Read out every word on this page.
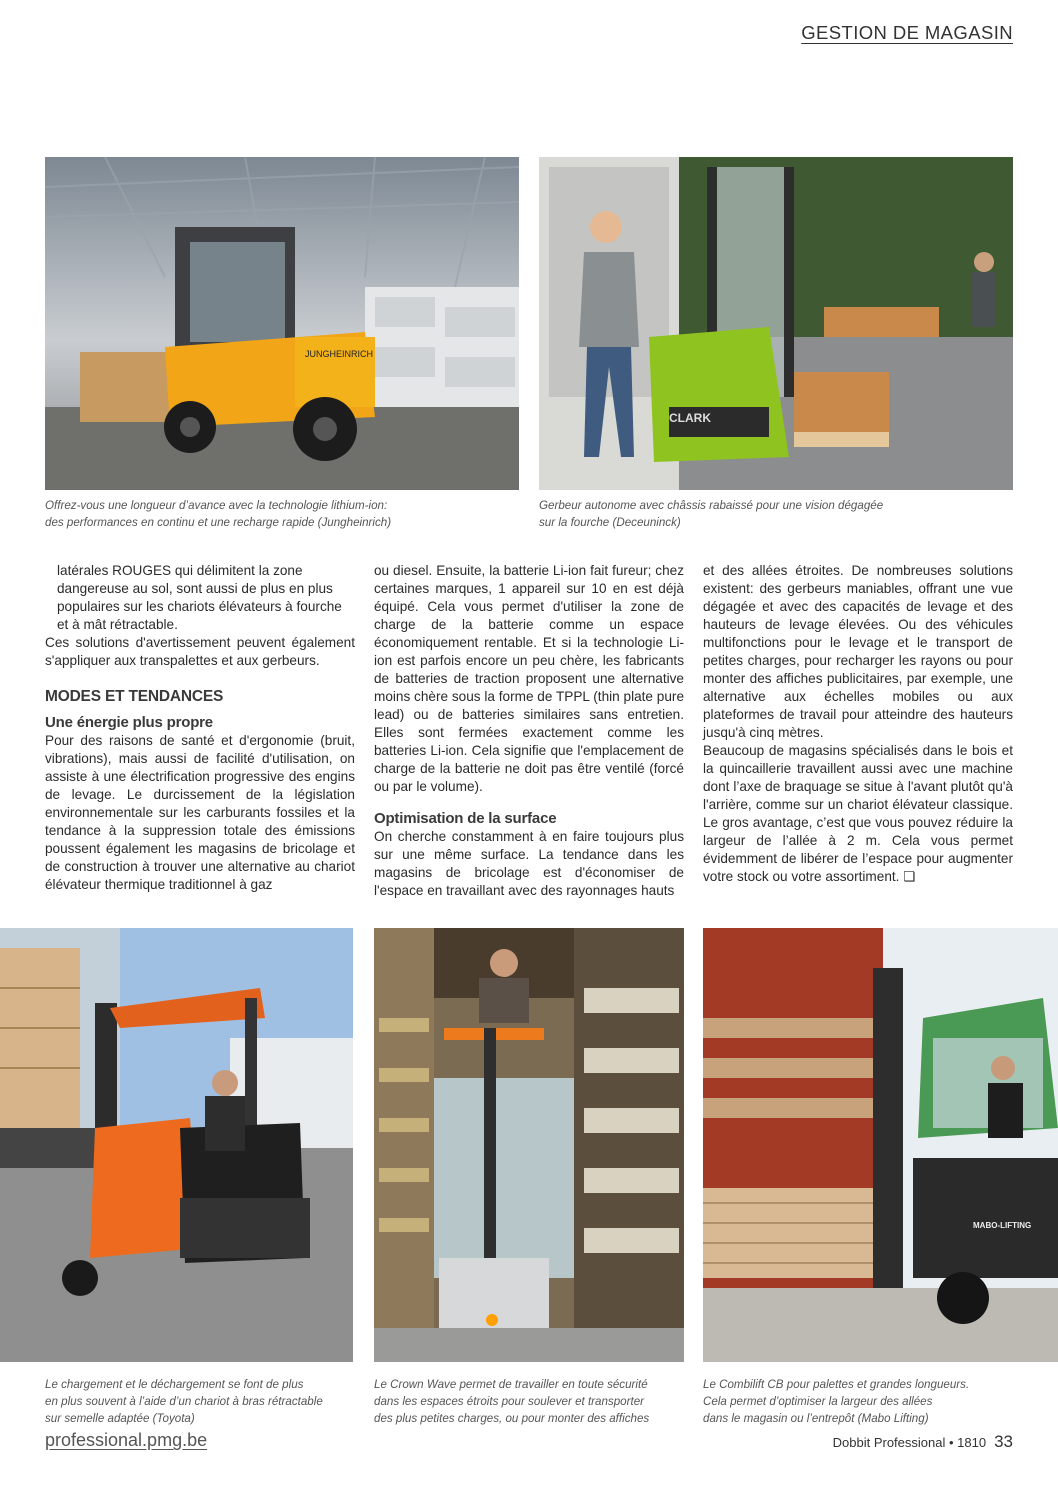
GESTION DE MAGASIN
JUNGHEINRICH
Offrez-vous une longueur d’avance avec la technologie lithium-ion:
des performances en continu et une recharge rapide (Jungheinrich)
CLARK
Gerbeur autonome avec châssis rabaissé pour une vision dégagée
sur la fourche (Deceuninck)

latérales ROUGES qui délimitent la zone dangereuse au sol, sont aussi de plus en plus populaires sur les chariots élévateurs à fourche et à mât rétractable.

Ces solutions d'avertissement peuvent également s'appliquer aux transpalettes et aux gerbeurs.

MODES ET TENDANCES
Une énergie plus propre

Pour des raisons de santé et d'ergonomie (bruit, vibrations), mais aussi de facilité d'utilisation, on assiste à une électrification progressive des engins de levage. Le durcissement de la législation environnementale sur les carburants fossiles et la tendance à la suppression totale des émissions poussent également les magasins de bricolage et de construction à trouver une alternative au chariot élévateur thermique traditionnel à gaz

ou diesel. Ensuite, la batterie Li-ion fait fureur; chez certaines marques, 1 appareil sur 10 en est déjà équipé. Cela vous permet d'utiliser la zone de charge de la batterie comme un espace économiquement rentable. Et si la technologie Li-ion est parfois encore un peu chère, les fabricants de batteries de traction proposent une alternative moins chère sous la forme de TPPL (thin plate pure lead) ou de batteries similaires sans entretien. Elles sont fermées exactement comme les batteries Li-ion. Cela signifie que l'emplacement de charge de la batterie ne doit pas être ventilé (forcé ou par le volume).

Optimisation de la surface

On cherche constamment à en faire toujours plus sur une même surface. La tendance dans les magasins de bricolage est d'économiser de l'espace en travaillant avec des rayonnages hauts

et des allées étroites. De nombreuses solutions existent: des gerbeurs maniables, offrant une vue dégagée et avec des capacités de levage et des hauteurs de levage élevées. Ou des véhicules multifonctions pour le levage et le transport de petites charges, pour recharger les rayons ou pour monter des affiches publicitaires, par exemple, une alternative aux échelles mobiles ou aux plateformes de travail pour atteindre des hauteurs jusqu'à cinq mètres.

Beaucoup de magasins spécialisés dans le bois et la quincaillerie travaillent aussi avec une machine dont l’axe de braquage se situe à l'avant plutôt qu'à l'arrière, comme sur un chariot élévateur classique. Le gros avantage, c’est que vous pouvez réduire la largeur de l’allée à 2 m. Cela vous permet évidemment de libérer de l’espace pour augmenter votre stock ou votre assortiment. ❏

Le chargement et le déchargement se font de plus
en plus souvent à l’aide d’un chariot à bras rétractable
sur semelle adaptée (Toyota)
Le Crown Wave permet de travailler en toute sécurité
dans les espaces étroits pour soulever et transporter
des plus petites charges, ou pour monter des affiches
MABO-LIFTING
Le Combilift CB pour palettes et grandes longueurs.
Cela permet d’optimiser la largeur des allées
dans le magasin ou l’entrepôt (Mabo Lifting)
professional.pmg.be	Dobbit Professional • 1810 33
